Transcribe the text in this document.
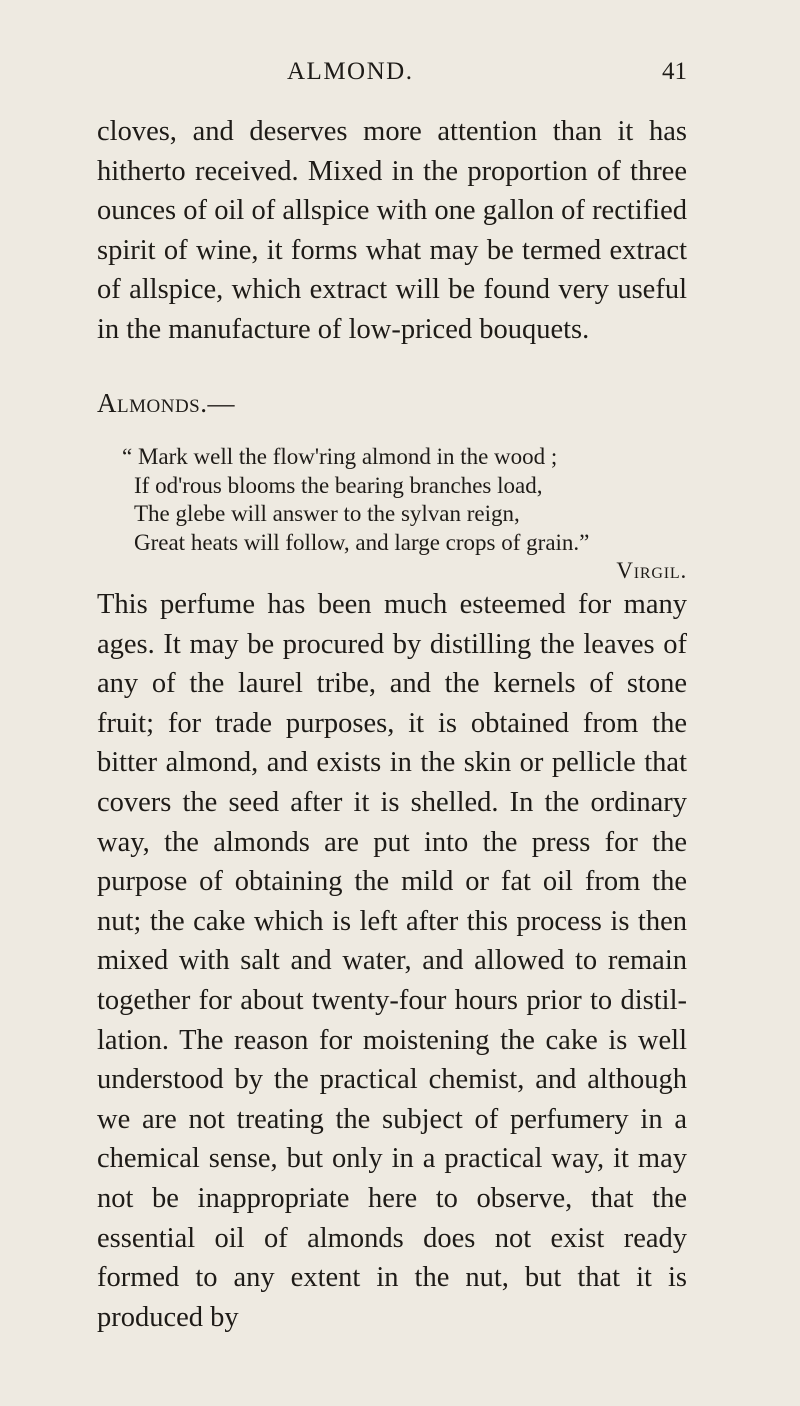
ALMOND.	41

cloves, and deserves more attention than it has hitherto received. Mixed in the proportion of three ounces of oil of allspice with one gallon of rectified spirit of wine, it forms what may be termed extract of allspice, which extract will be found very useful in the manufacture of low-priced bouquets.

Almonds.—
“ Mark well the flow'ring almond in the wood ;
If od'rous blooms the bearing branches load,
The glebe will answer to the sylvan reign,
Great heats will follow, and large crops of grain.”
Virgil.

This perfume has been much esteemed for many ages. It may be procured by distilling the leaves of any of the laurel tribe, and the kernels of stone fruit; for trade purposes, it is obtained from the bitter almond, and exists in the skin or pellicle that covers the seed after it is shelled. In the ordinary way, the almonds are put into the press for the purpose of obtaining the mild or fat oil from the nut; the cake which is left after this process is then mixed with salt and water, and allowed to remain together for about twenty-four hours prior to distil-lation. The reason for moistening the cake is well understood by the practical chemist, and although we are not treating the subject of perfumery in a chemical sense, but only in a practical way, it may not be inappropriate here to observe, that the essential oil of almonds does not exist ready formed to any extent in the nut, but that it is produced by
